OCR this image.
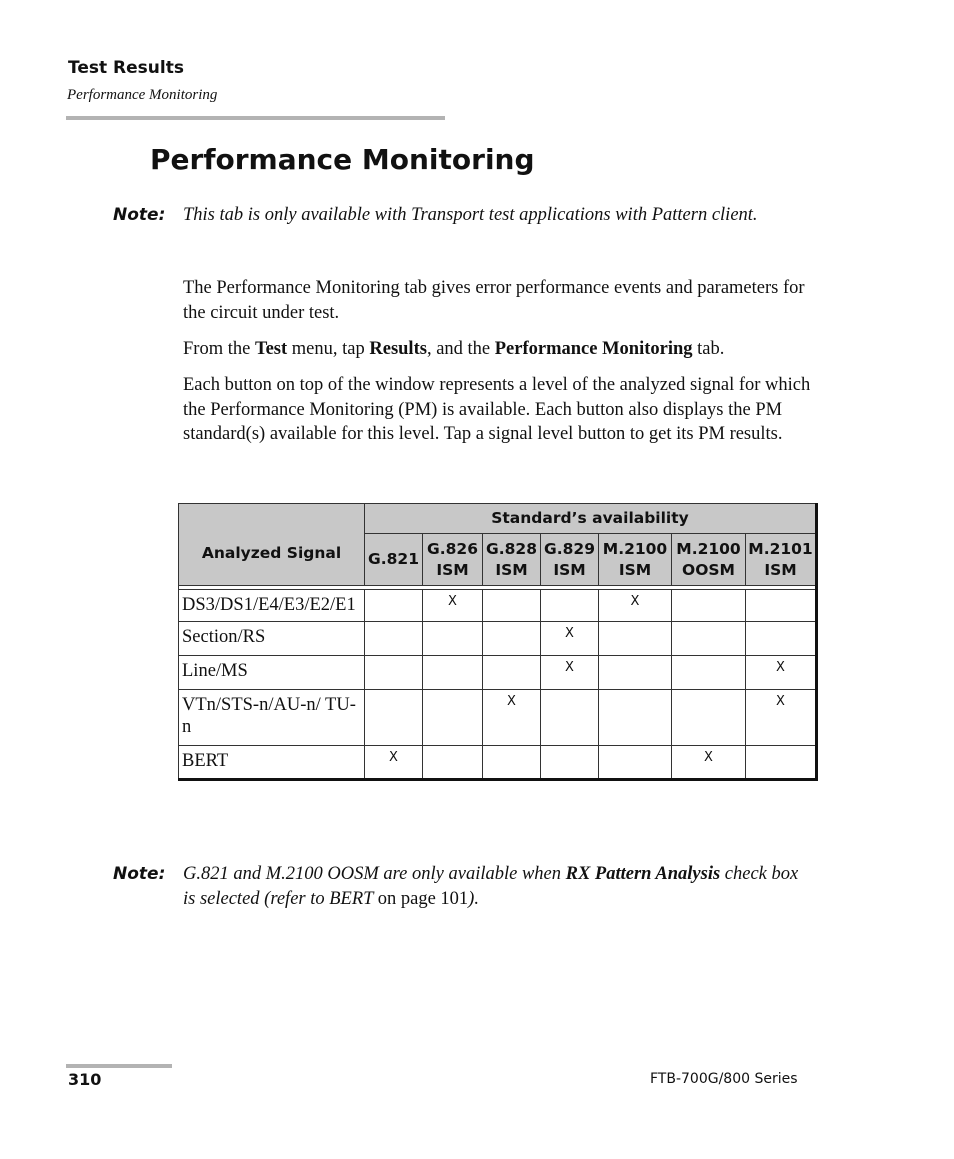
Test Results
Performance Monitoring
Performance Monitoring
Note: This tab is only available with Transport test applications with Pattern client.
The Performance Monitoring tab gives error performance events and parameters for the circuit under test.
From the Test menu, tap Results, and the Performance Monitoring tab.
Each button on top of the window represents a level of the analyzed signal for which the Performance Monitoring (PM) is available. Each button also displays the PM standard(s) available for this level. Tap a signal level button to get its PM results.
Analyzed Signal	Standard’s availability						
	G.821	G.826 ISM	G.828 ISM	G.829 ISM	M.2100 ISM	M.2100 OOSM	M.2101 ISM

DS3/DS1/E4/E3/E2/E1		X			X		
Section/RS				X			
Line/MS				X			X
VTn/STS-n/AU-n/ TU-n			X				X
BERT	X					X	
Note: G.821 and M.2100 OOSM are only available when RX Pattern Analysis check box is selected (refer to BERT on page 101).
310	FTB-700G/800 Series
